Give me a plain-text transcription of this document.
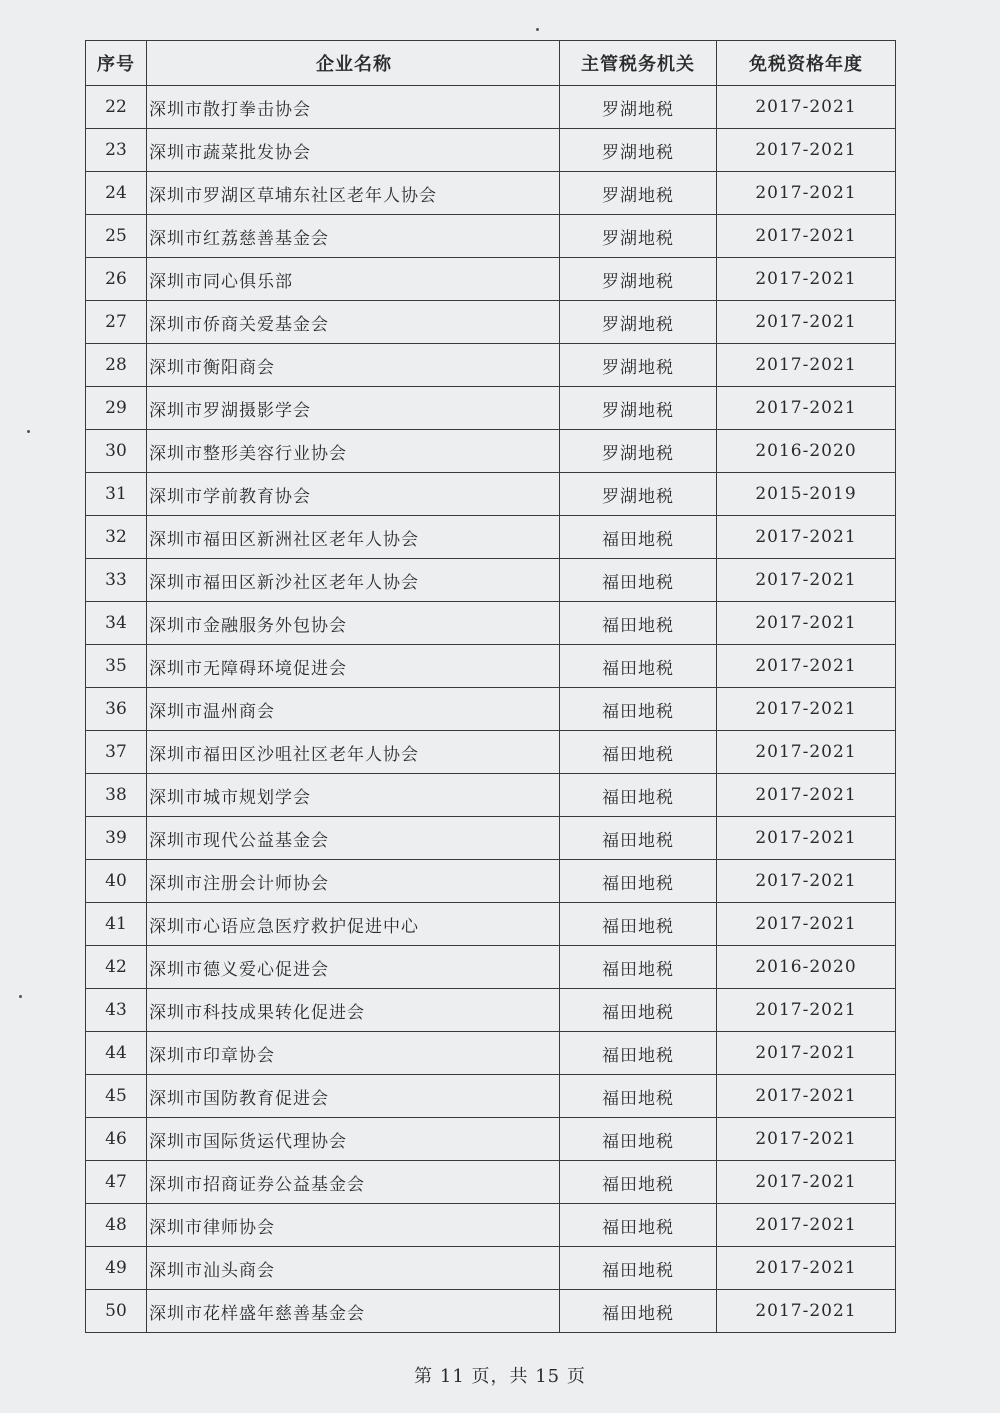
序号	企业名称	主管税务机关	免税资格年度
22	深圳市散打拳击协会	罗湖地税	2017-2021
23	深圳市蔬菜批发协会	罗湖地税	2017-2021
24	深圳市罗湖区草埔东社区老年人协会	罗湖地税	2017-2021
25	深圳市红荔慈善基金会	罗湖地税	2017-2021
26	深圳市同心俱乐部	罗湖地税	2017-2021
27	深圳市侨商关爱基金会	罗湖地税	2017-2021
28	深圳市衡阳商会	罗湖地税	2017-2021
29	深圳市罗湖摄影学会	罗湖地税	2017-2021
30	深圳市整形美容行业协会	罗湖地税	2016-2020
31	深圳市学前教育协会	罗湖地税	2015-2019
32	深圳市福田区新洲社区老年人协会	福田地税	2017-2021
33	深圳市福田区新沙社区老年人协会	福田地税	2017-2021
34	深圳市金融服务外包协会	福田地税	2017-2021
35	深圳市无障碍环境促进会	福田地税	2017-2021
36	深圳市温州商会	福田地税	2017-2021
37	深圳市福田区沙咀社区老年人协会	福田地税	2017-2021
38	深圳市城市规划学会	福田地税	2017-2021
39	深圳市现代公益基金会	福田地税	2017-2021
40	深圳市注册会计师协会	福田地税	2017-2021
41	深圳市心语应急医疗救护促进中心	福田地税	2017-2021
42	深圳市德义爱心促进会	福田地税	2016-2020
43	深圳市科技成果转化促进会	福田地税	2017-2021
44	深圳市印章协会	福田地税	2017-2021
45	深圳市国防教育促进会	福田地税	2017-2021
46	深圳市国际货运代理协会	福田地税	2017-2021
47	深圳市招商证券公益基金会	福田地税	2017-2021
48	深圳市律师协会	福田地税	2017-2021
49	深圳市汕头商会	福田地税	2017-2021
50	深圳市花样盛年慈善基金会	福田地税	2017-2021
第 11 页，共 15 页
